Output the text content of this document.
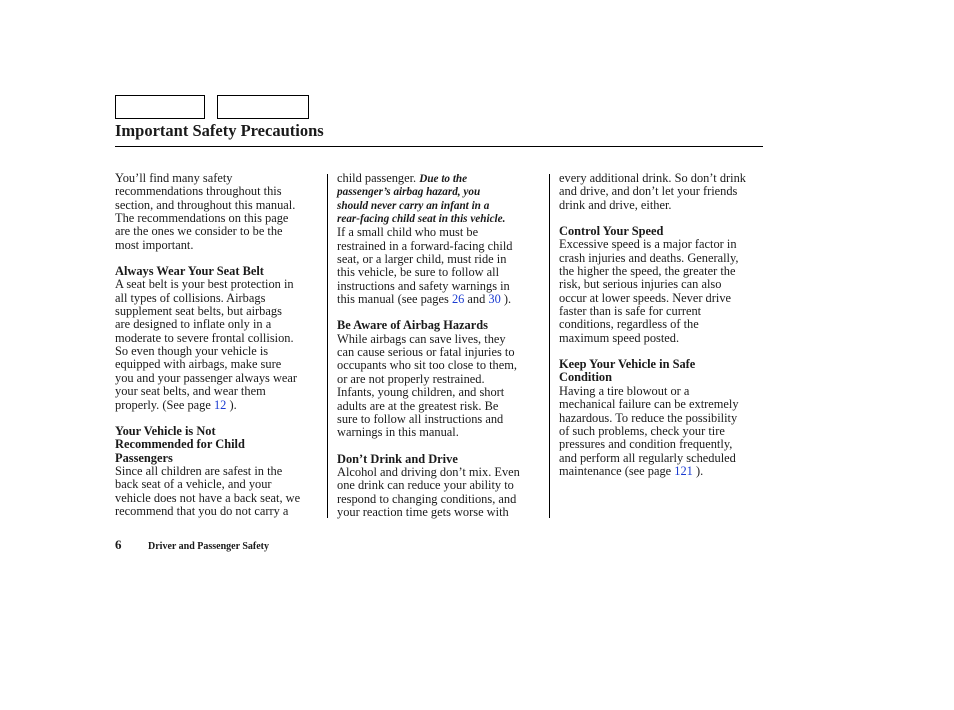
Important Safety Precautions
You’ll find many safety
recommendations throughout this
section, and throughout this manual.
The recommendations on this page
are the ones we consider to be the
most important.
Always Wear Your Seat Belt
A seat belt is your best protection in
all types of collisions. Airbags
supplement seat belts, but airbags
are designed to inflate only in a
moderate to severe frontal collision.
So even though your vehicle is
equipped with airbags, make sure
you and your passenger always wear
your seat belts, and wear them
properly. (See page 12 ).
Your Vehicle is Not
Recommended for Child
Passengers
Since all children are safest in the
back seat of a vehicle, and your
vehicle does not have a back seat, we
recommend that you do not carry a
child passenger. Due to the
passenger’s airbag hazard, you
should never carry an infant in a
rear-facing child seat in this vehicle.
If a small child who must be
restrained in a forward-facing child
seat, or a larger child, must ride in
this vehicle, be sure to follow all
instructions and safety warnings in
this manual (see pages 26 and 30 ).
Be Aware of Airbag Hazards
While airbags can save lives, they
can cause serious or fatal injuries to
occupants who sit too close to them,
or are not properly restrained.
Infants, young children, and short
adults are at the greatest risk. Be
sure to follow all instructions and
warnings in this manual.
Don’t Drink and Drive
Alcohol and driving don’t mix. Even
one drink can reduce your ability to
respond to changing conditions, and
your reaction time gets worse with
every additional drink. So don’t drink
and drive, and don’t let your friends
drink and drive, either.
Control Your Speed
Excessive speed is a major factor in
crash injuries and deaths. Generally,
the higher the speed, the greater the
risk, but serious injuries can also
occur at lower speeds. Never drive
faster than is safe for current
conditions, regardless of the
maximum speed posted.
Keep Your Vehicle in Safe
Condition
Having a tire blowout or a
mechanical failure can be extremely
hazardous. To reduce the possibility
of such problems, check your tire
pressures and condition frequently,
and perform all regularly scheduled
maintenance (see page 121 ).
6	Driver and Passenger Safety
